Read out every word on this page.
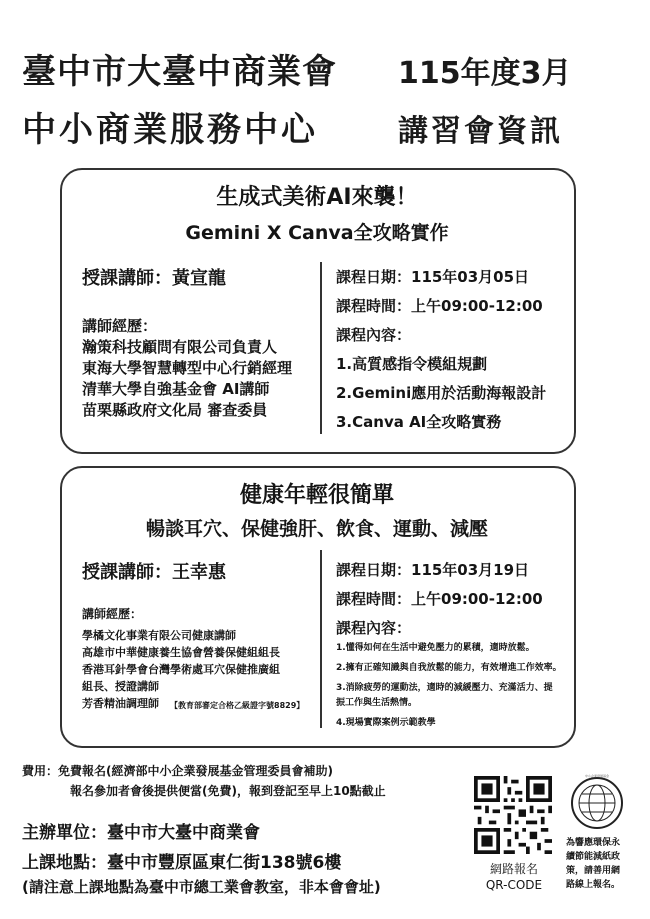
臺中市大臺中商業會 115年度3月
中小商業服務中心	講習會資訊
生成式美術AI來襲！
Gemini X Canva全攻略實作
授課講師：黃宣龍
講師經歷：
瀚策科技顧問有限公司負責人
東海大學智慧轉型中心行銷經理
清華大學自強基金會 AI講師
苗栗縣政府文化局 審查委員
課程日期：115年03月05日
課程時間：上午09:00-12:00
課程內容：
1.高質感指令模組規劃
2.Gemini應用於活動海報設計
3.Canva AI全攻略實務
健康年輕很簡單
暢談耳穴、保健強肝、飲食、運動、減壓
授課講師：王幸惠
講師經歷：
學橘文化事業有限公司健康講師
高雄市中華健康養生協會營養保健組組長
香港耳針學會台灣學術處耳穴保健推廣組
組長、授證講師
芳香精油調理師 【教育部審定合格乙級證字號8829】
課程日期：115年03月19日
課程時間：上午09:00-12:00
課程內容：
1.懂得如何在生活中避免壓力的累積，適時放鬆。
2.擁有正確知識與自我放鬆的能力，有效增進工作效率。
3.消除疲勞的運動法，適時的減緩壓力、充滿活力、提
振工作與生活熱情。
4.現場實際案例示範教學
費用：免費報名(經濟部中小企業發展基金管理委員會補助)
報名參加者會後提供便當(免費)，報到登記至早上10點截止
主辦單位：臺中市大臺中商業會
上課地點：臺中市豐原區東仁街138號6樓
(請注意上課地點為臺中市總工業會教室，非本會會址)
網路報名
QR-CODE
中小企業發展基金
為響應環保永
續節能減紙政
策，請善用網
路線上報名。
